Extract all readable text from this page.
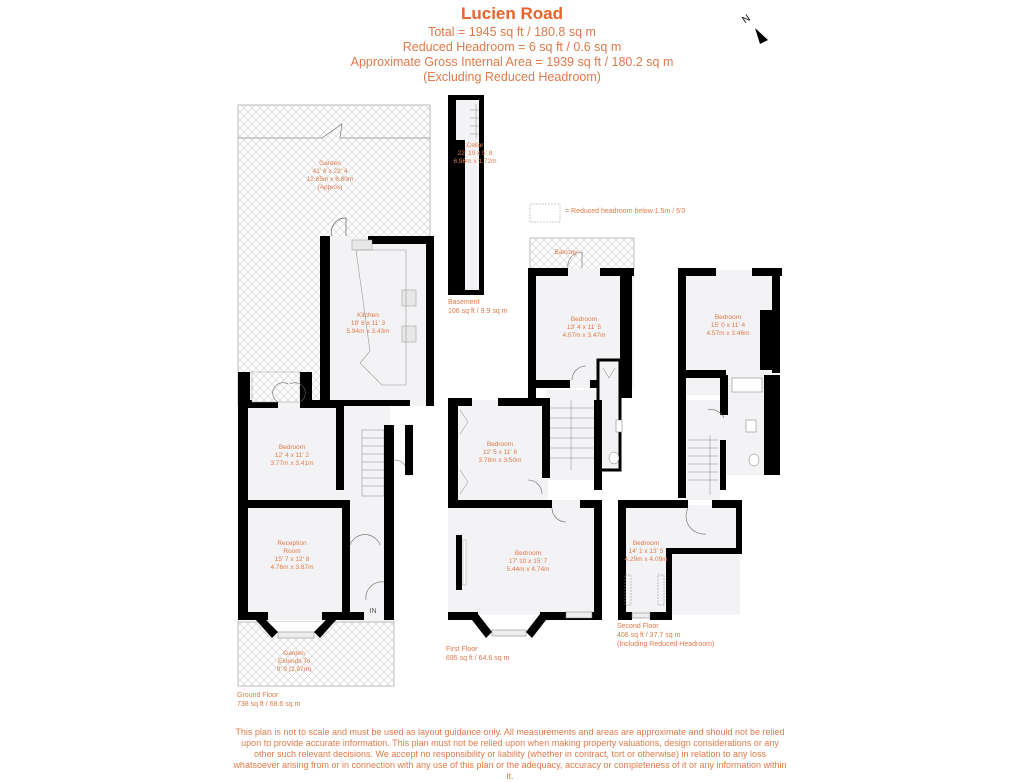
Lucien Road
Total = 1945 sq ft / 180.8 sq m
Reduced Headroom = 6 sq ft / 0.6 sq m
Approximate Gross Internal Area = 1939 sq ft / 180.2 sq m
(Excluding Reduced Headroom)
N
= Reduced headroom below 1.5m / 5'0
Garden
41' 6 x 22' 4
12.65m x 6.80m
(Approx)
Kitchen
19' 6 x 11' 3
5.94m x 3.43m
Bedroom
12' 4 x 11' 2
3.77m x 3.41m
Reception
Room
15' 7 x 12' 8
4.76m x 3.87m
Garden
Extends To
9' 9 (2.97m)
IN
Ground Floor
738 sq ft / 68.6 sq m
Cellar
22' 10 x 5' 8
6.96m x 1.72m
Basement
106 sq ft / 9.9 sq m
Balcony
Bedroom
13' 4 x 11' 5
4.07m x 3.47m
Bedroom
12' 5 x 11' 6
3.78m x 3.50m
Bedroom
17' 10 x 15' 7
5.44m x 4.74m
First Floor
695 sq ft / 64.6 sq m
Bedroom
15' 0 x 11' 4
4.57m x 3.46m
Bedroom
14' 1 x 13' 5
4.29m x 4.09m
Second Floor
406 sq ft / 37.7 sq m
(Including Reduced Headroom)
This plan is not to scale and must be used as layout guidance only. All measurements and areas are approximate and should not be relied upon to provide accurate information. This plan must not be relied upon when making property valuations, design considerations or any other such relevant decisions. We accept no responsibility or liability (whether in contract, tort or otherwise) in relation to any loss whatsoever arising from or in connection with any use of this plan or the adequacy, accuracy or completeness of it or any information within it.
